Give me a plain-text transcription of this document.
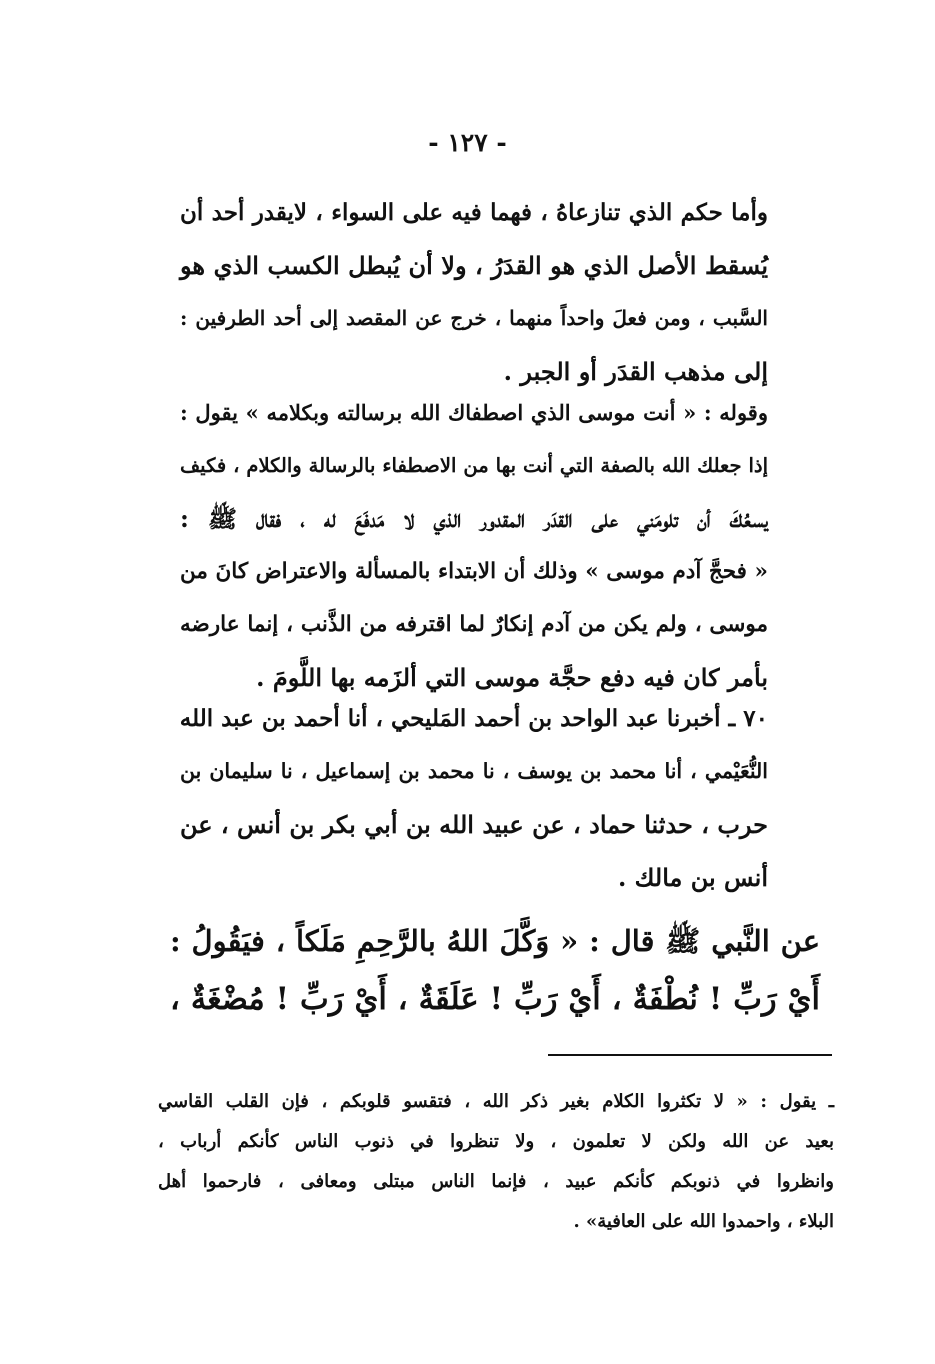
- ١٢٧ -
وأما حكم الذي تنازعاهُ ، فهما فيه على السواء ، لايقدر أحد أن
يُسقط الأصل الذي هو القدَرُ ، ولا أن يُبطل الكسب الذي هو
السَّبب ، ومن فعلَ واحداً منهما ، خرج عن المقصد إلى أحد الطرفين :
إلى مذهب القدَر أو الجبر .
وقوله : « أنت موسى الذي اصطفاك الله برسالته وبكلامه » يقول :
إذا جعلك الله بالصفة التي أنت بها من الاصطفاء بالرسالة والكلام ، فكيف
يسعُكَ أن تلومَني على القدَر المقدور الذي لا مَدفَعَ له ، فقال ﷺ :
« فحجَّ آدم موسى » وذلك أن الابتداء بالمسألة والاعتراض كانَ من
موسى ، ولم يكن من آدم إنكارٌ لما اقترفه من الذَّنب ، إنما عارضه
بأمر كان فيه دفع حجَّة موسى التي ألزَمه بها اللَّومَ .
٧٠ ـ أخبرنا عبد الواحد بن أحمد المَليحي ، أنا أحمد بن عبد الله
النُّعَيْمي ، أنا محمد بن يوسف ، نا محمد بن إسماعيل ، نا سليمان بن
حرب ، حدثنا حماد ، عن عبيد الله بن أبي بكر بن أنس ، عن
أنس بن مالك .
عن النَّبي ﷺ قال : « وَكَّلَ اللهُ بالرَّحِمِ مَلَكاً ، فيَقُولُ :
أَيْ رَبِّ ! نُطْفَةٌ ، أَيْ رَبِّ ! عَلَقَةٌ ، أَيْ رَبِّ ! مُضْغَةٌ ،
ـ يقول : « لا تكثروا الكلام بغير ذكر الله ، فتقسو قلوبكم ، فإن القلب القاسي
بعيد عن الله ولكن لا تعلمون ، ولا تنظروا في ذنوب الناس كأنكم أرباب ،
وانظروا في ذنوبكم كأنكم عبيد ، فإنما الناس مبتلى ومعافى ، فارحموا أهل
البلاء ، واحمدوا الله على العافية» .
